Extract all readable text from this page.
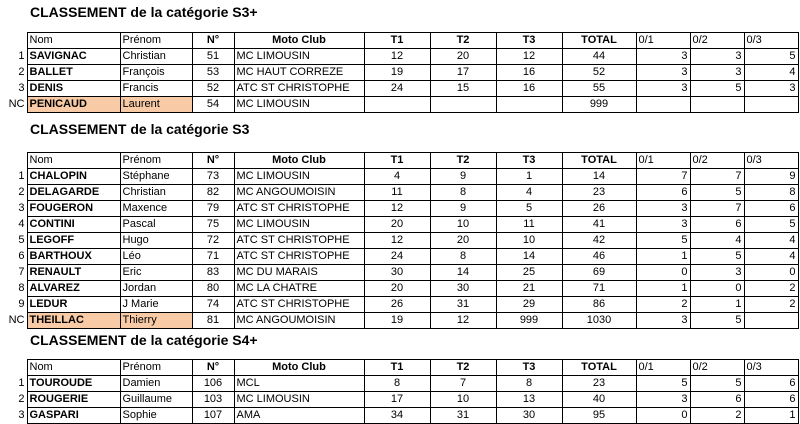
CLASSEMENT de la catégorie S3+
	Nom	Prénom	N°	Moto Club	T1	T2	T3	TOTAL	0/1	0/2	0/3
1	SAVIGNAC	Christian	51	MC LIMOUSIN	12	20	12	44	3	3	5
2	BALLET	François	53	MC HAUT CORREZE	19	17	16	52	3	3	4
3	DENIS	Francis	52	ATC ST CHRISTOPHE	24	15	16	55	3	5	3
NC	PENICAUD	Laurent	54	MC LIMOUSIN				999			
CLASSEMENT de la catégorie S3
	Nom	Prénom	N°	Moto Club	T1	T2	T3	TOTAL	0/1	0/2	0/3
1	CHALOPIN	Stéphane	73	MC LIMOUSIN	4	9	1	14	7	7	9
2	DELAGARDE	Christian	82	MC ANGOUMOISIN	11	8	4	23	6	5	8
3	FOUGERON	Maxence	79	ATC ST CHRISTOPHE	12	9	5	26	3	7	6
4	CONTINI	Pascal	75	MC LIMOUSIN	20	10	11	41	3	6	5
5	LEGOFF	Hugo	72	ATC ST CHRISTOPHE	12	20	10	42	5	4	4
6	BARTHOUX	Léo	71	ATC ST CHRISTOPHE	24	8	14	46	1	5	4
7	RENAULT	Eric	83	MC DU MARAIS	30	14	25	69	0	3	0
8	ALVAREZ	Jordan	80	MC LA CHATRE	20	30	21	71	1	0	2
9	LEDUR	J Marie	74	ATC ST CHRISTOPHE	26	31	29	86	2	1	2
NC	THEILLAC	Thierry	81	MC ANGOUMOISIN	19	12	999	1030	3	5	
CLASSEMENT de la catégorie S4+
	Nom	Prénom	N°	Moto Club	T1	T2	T3	TOTAL	0/1	0/2	0/3
1	TOUROUDE	Damien	106	MCL	8	7	8	23	5	5	6
2	ROUGERIE	Guillaume	103	MC LIMOUSIN	17	10	13	40	3	6	6
3	GASPARI	Sophie	107	AMA	34	31	30	95	0	2	1
